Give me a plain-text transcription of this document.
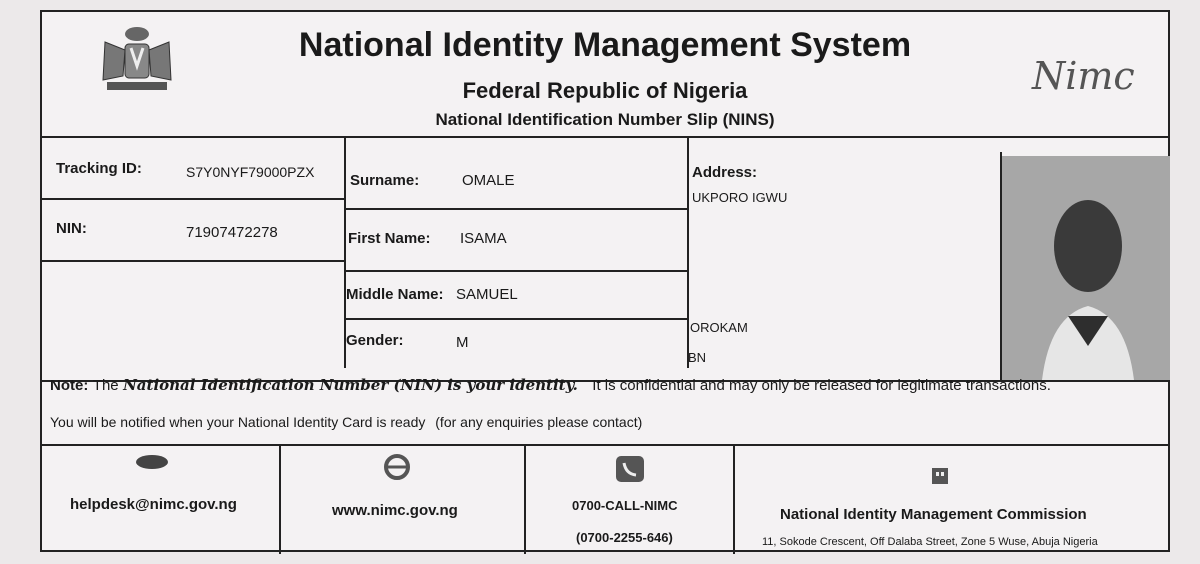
National Identity Management System
Federal Republic of Nigeria
National Identification Number Slip (NINS)
Nimc
Tracking ID:	S7Y0NYF79000PZX
NIN:	71907472278
Surname:	OMALE
First Name: ISAMA
Middle Name: SAMUEL
Gender:	M
Address:
UKPORO IGWU
OROKAM
BN
Note: The National Identification Number (NIN) is your identity. It is confidential and may only be released for legitimate transactions.
You will be notified when your National Identity Card is ready (for any enquiries please contact)
helpdesk@nimc.gov.ng	www.nimc.gov.ng	0700-CALL-NIMC
(0700-2255-646)
National Identity Management Commission
11, Sokode Crescent, Off Dalaba Street, Zone 5 Wuse, Abuja Nigeria
